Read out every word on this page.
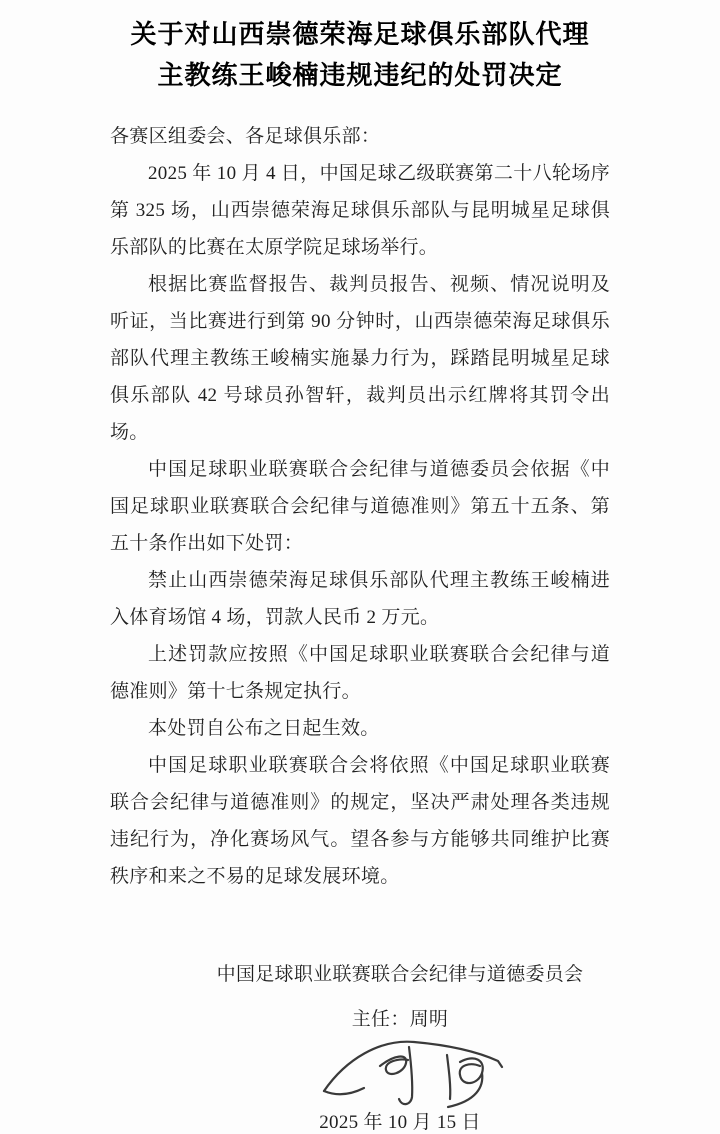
关于对山西崇德荣海足球俱乐部队代理
主教练王峻楠违规违纪的处罚决定

各赛区组委会、各足球俱乐部：

2025 年 10 月 4 日，中国足球乙级联赛第二十八轮场序第 325 场，山西崇德荣海足球俱乐部队与昆明城星足球俱乐部队的比赛在太原学院足球场举行。

根据比赛监督报告、裁判员报告、视频、情况说明及听证，当比赛进行到第 90 分钟时，山西崇德荣海足球俱乐部队代理主教练王峻楠实施暴力行为，踩踏昆明城星足球俱乐部队 42 号球员孙智轩，裁判员出示红牌将其罚令出场。

中国足球职业联赛联合会纪律与道德委员会依据《中国足球职业联赛联合会纪律与道德准则》第五十五条、第五十条作出如下处罚：

禁止山西崇德荣海足球俱乐部队代理主教练王峻楠进入体育场馆 4 场，罚款人民币 2 万元。

上述罚款应按照《中国足球职业联赛联合会纪律与道德准则》第十七条规定执行。

本处罚自公布之日起生效。

中国足球职业联赛联合会将依照《中国足球职业联赛联合会纪律与道德准则》的规定，坚决严肃处理各类违规违纪行为，净化赛场风气。望各参与方能够共同维护比赛秩序和来之不易的足球发展环境。

中国足球职业联赛联合会纪律与道德委员会
主任：周明
2025 年 10 月 15 日
